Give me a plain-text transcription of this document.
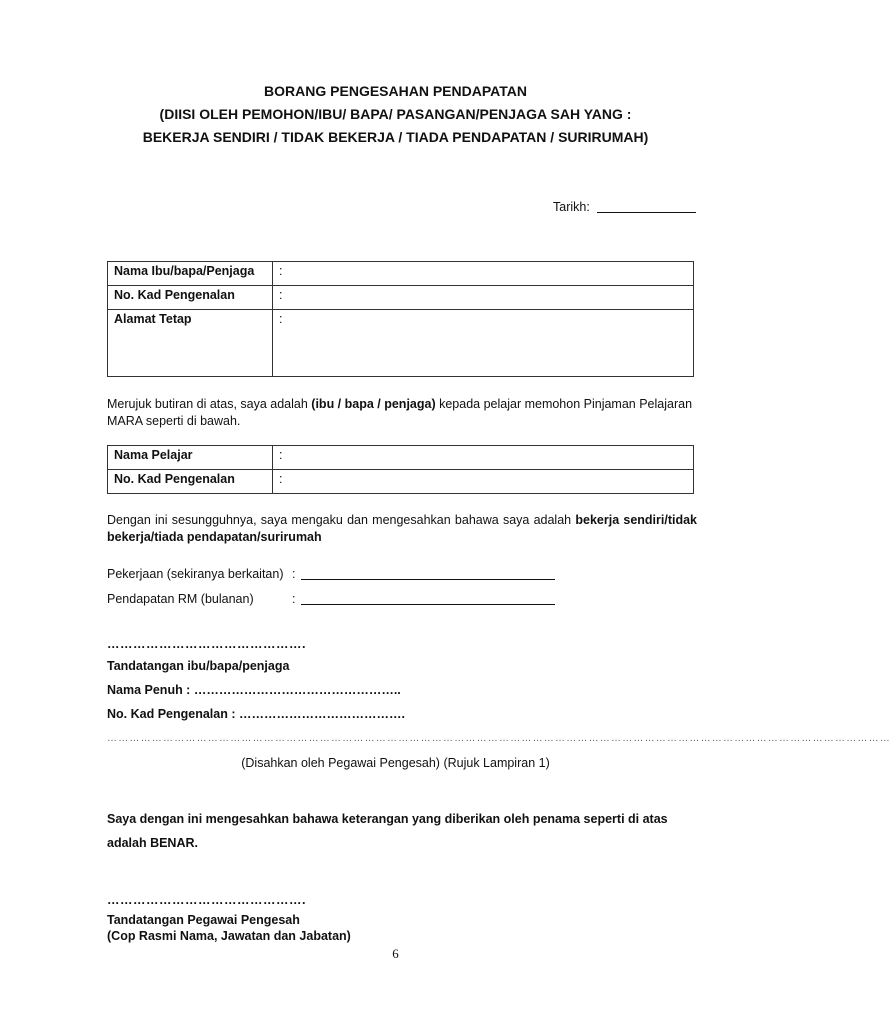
BORANG PENGESAHAN PENDAPATAN
(DIISI OLEH PEMOHON/IBU/ BAPA/ PASANGAN/PENJAGA SAH YANG :
BEKERJA SENDIRI / TIDAK BEKERJA / TIADA PENDAPATAN / SURIRUMAH)
Tarikh:
Nama Ibu/bapa/Penjaga	:
No. Kad Pengenalan	:
Alamat Tetap	:
Merujuk butiran di atas, saya adalah (ibu / bapa / penjaga) kepada pelajar memohon Pinjaman Pelajaran MARA seperti di bawah.
Nama Pelajar	:
No. Kad Pengenalan	:
Dengan ini sesungguhnya, saya mengaku dan mengesahkan bahawa saya adalah bekerja sendiri/tidak bekerja/tiada pendapatan/surirumah
Pekerjaan (sekiranya berkaitan) :
Pendapatan RM (bulanan)	:
……………………………………….
Tandatangan ibu/bapa/penjaga
Nama Penuh : …………………………………………..
No. Kad Pengenalan : ………………………………….
…………………………………………………………………………………………………………………………………………………………………………………………
(Disahkan oleh Pegawai Pengesah) (Rujuk Lampiran 1)
Saya dengan ini mengesahkan bahawa keterangan yang diberikan oleh penama seperti di atas adalah BENAR.
……………………………………….
Tandatangan Pegawai Pengesah
(Cop Rasmi Nama, Jawatan dan Jabatan)
6
